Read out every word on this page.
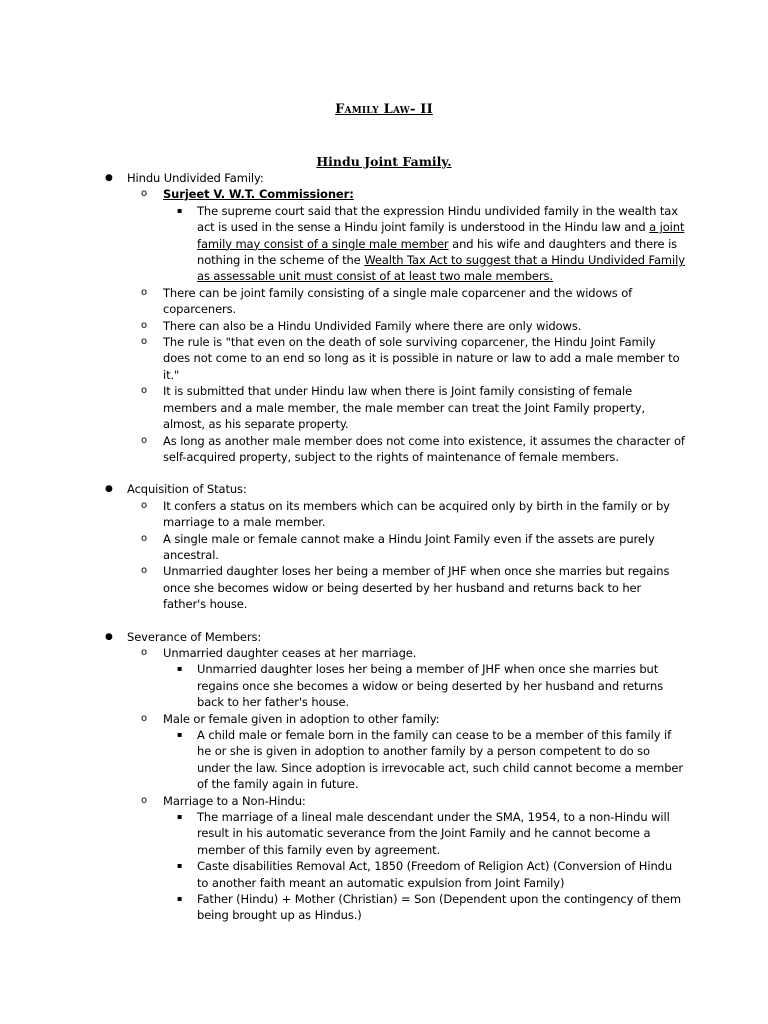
Family Law- II
Hindu Joint Family.
● Hindu Undivided Family:
o Surjeet V. W.T. Commissioner:
▪ The supreme court said that the expression Hindu undivided family in the wealth tax act is used in the sense a Hindu joint family is understood in the Hindu law and a joint family may consist of a single male member and his wife and daughters and there is nothing in the scheme of the Wealth Tax Act to suggest that a Hindu Undivided Family as assessable unit must consist of at least two male members.
o There can be joint family consisting of a single male coparcener and the widows of coparceners.
o There can also be a Hindu Undivided Family where there are only widows.
o The rule is "that even on the death of sole surviving coparcener, the Hindu Joint Family does not come to an end so long as it is possible in nature or law to add a male member to it."
o It is submitted that under Hindu law when there is Joint family consisting of female members and a male member, the male member can treat the Joint Family property, almost, as his separate property.
o As long as another male member does not come into existence, it assumes the character of self-acquired property, subject to the rights of maintenance of female members.
● Acquisition of Status:
o It confers a status on its members which can be acquired only by birth in the family or by marriage to a male member.
o A single male or female cannot make a Hindu Joint Family even if the assets are purely ancestral.
o Unmarried daughter loses her being a member of JHF when once she marries but regains once she becomes widow or being deserted by her husband and returns back to her father's house.
● Severance of Members:
o Unmarried daughter ceases at her marriage.
▪ Unmarried daughter loses her being a member of JHF when once she marries but regains once she becomes a widow or being deserted by her husband and returns back to her father's house.
o Male or female given in adoption to other family:
▪ A child male or female born in the family can cease to be a member of this family if he or she is given in adoption to another family by a person competent to do so under the law. Since adoption is irrevocable act, such child cannot become a member of the family again in future.
o Marriage to a Non-Hindu:
▪ The marriage of a lineal male descendant under the SMA, 1954, to a non-Hindu will result in his automatic severance from the Joint Family and he cannot become a member of this family even by agreement.
▪ Caste disabilities Removal Act, 1850 (Freedom of Religion Act) (Conversion of Hindu to another faith meant an automatic expulsion from Joint Family)
▪ Father (Hindu) + Mother (Christian) = Son (Dependent upon the contingency of them being brought up as Hindus.)
